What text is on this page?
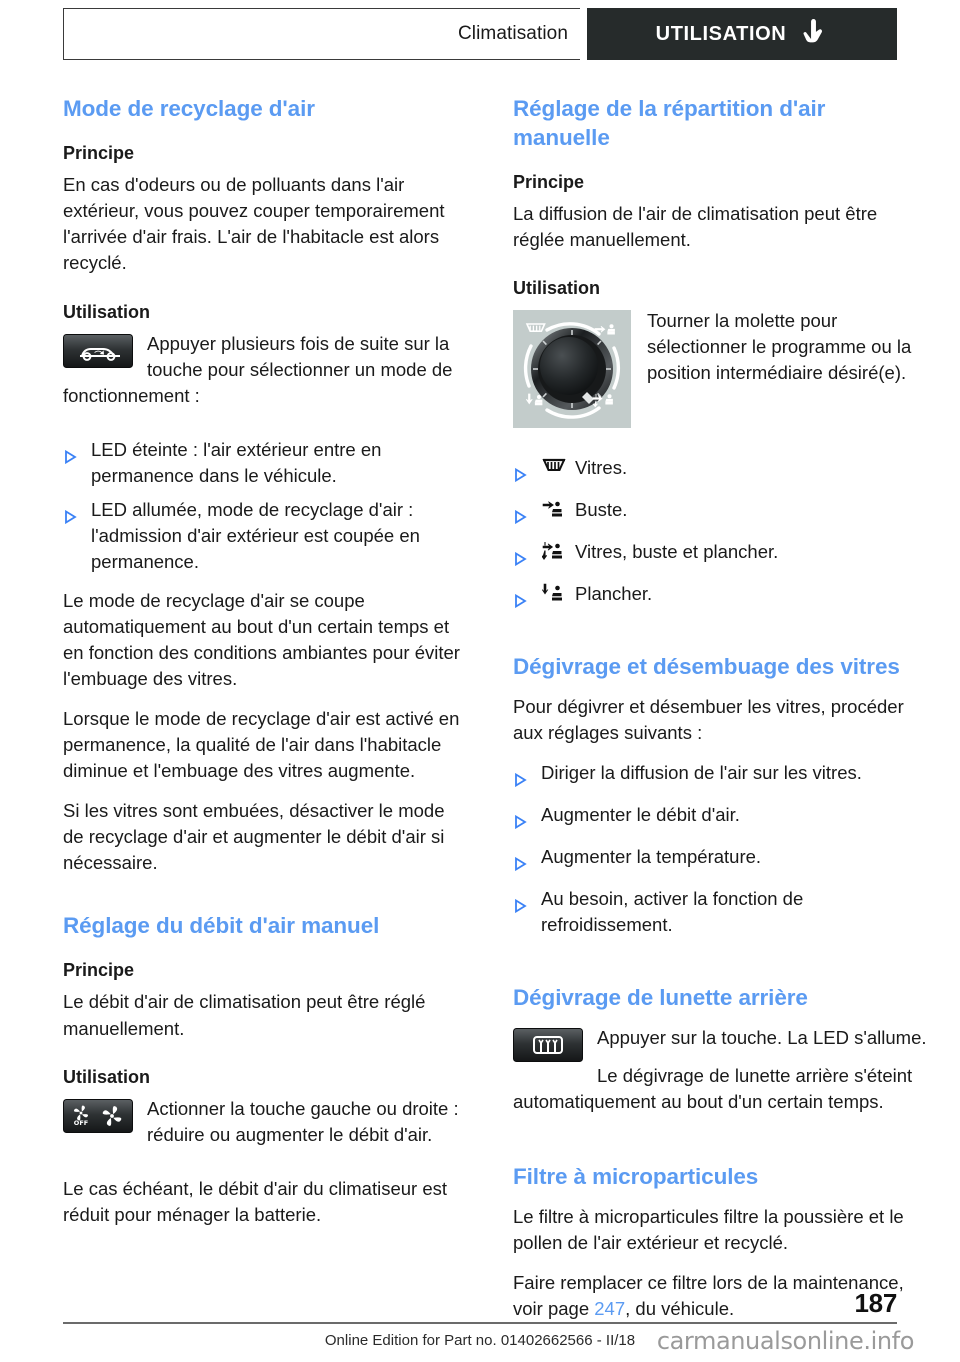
Climatisation	UTILISATION
Mode de recyclage d'air
Principe

En cas d'odeurs ou de polluants dans l'air extérieur, vous pouvez couper temporairement l'arrivée d'air frais. L'air de l'habitacle est alors recyclé.

Utilisation

Appuyer plusieurs fois de suite sur la touche pour sélectionner un mode de fonctionnement :

LED éteinte : l'air extérieur entre en permanence dans le véhicule.
LED allumée, mode de recyclage d'air : l'admission d'air extérieur est coupée en permanence.

Le mode de recyclage d'air se coupe automatiquement au bout d'un certain temps et en fonction des conditions ambiantes pour éviter l'embuage des vitres.

Lorsque le mode de recyclage d'air est activé en permanence, la qualité de l'air dans l'habitacle diminue et l'embuage des vitres augmente.

Si les vitres sont embuées, désactiver le mode de recyclage d'air et augmenter le débit d'air si nécessaire.

Réglage du débit d'air manuel
Principe

Le débit d'air de climatisation peut être réglé manuellement.

Utilisation
OFF

Actionner la touche gauche ou droite : réduire ou augmenter le débit d'air.

Le cas échéant, le débit d'air du climatiseur est réduit pour ménager la batterie.

Réglage de la répartition d'air manuelle
Principe

La diffusion de l'air de climatisation peut être réglée manuellement.

Utilisation

Tourner la molette pour sélectionner le programme ou la position intermédiaire désiré(e).

Vitres.
Buste.
Vitres, buste et plancher.
Plancher.
Dégivrage et désembuage des vitres

Pour dégivrer et désembuer les vitres, procéder aux réglages suivants :

Diriger la diffusion de l'air sur les vitres.
Augmenter le débit d'air.
Augmenter la température.
Au besoin, activer la fonction de refroidissement.
Dégivrage de lunette arrière

Appuyer sur la touche. La LED s'allume.

Le dégivrage de lunette arrière s'éteint automatiquement au bout d'un certain temps.

Filtre à microparticules

Le filtre à microparticules filtre la poussière et le pollen de l'air extérieur et recyclé.

Faire remplacer ce filtre lors de la maintenance, voir page 247, du véhicule.	187
Online Edition for Part no. 01402662566 - II/18 carmanualsonline.info
